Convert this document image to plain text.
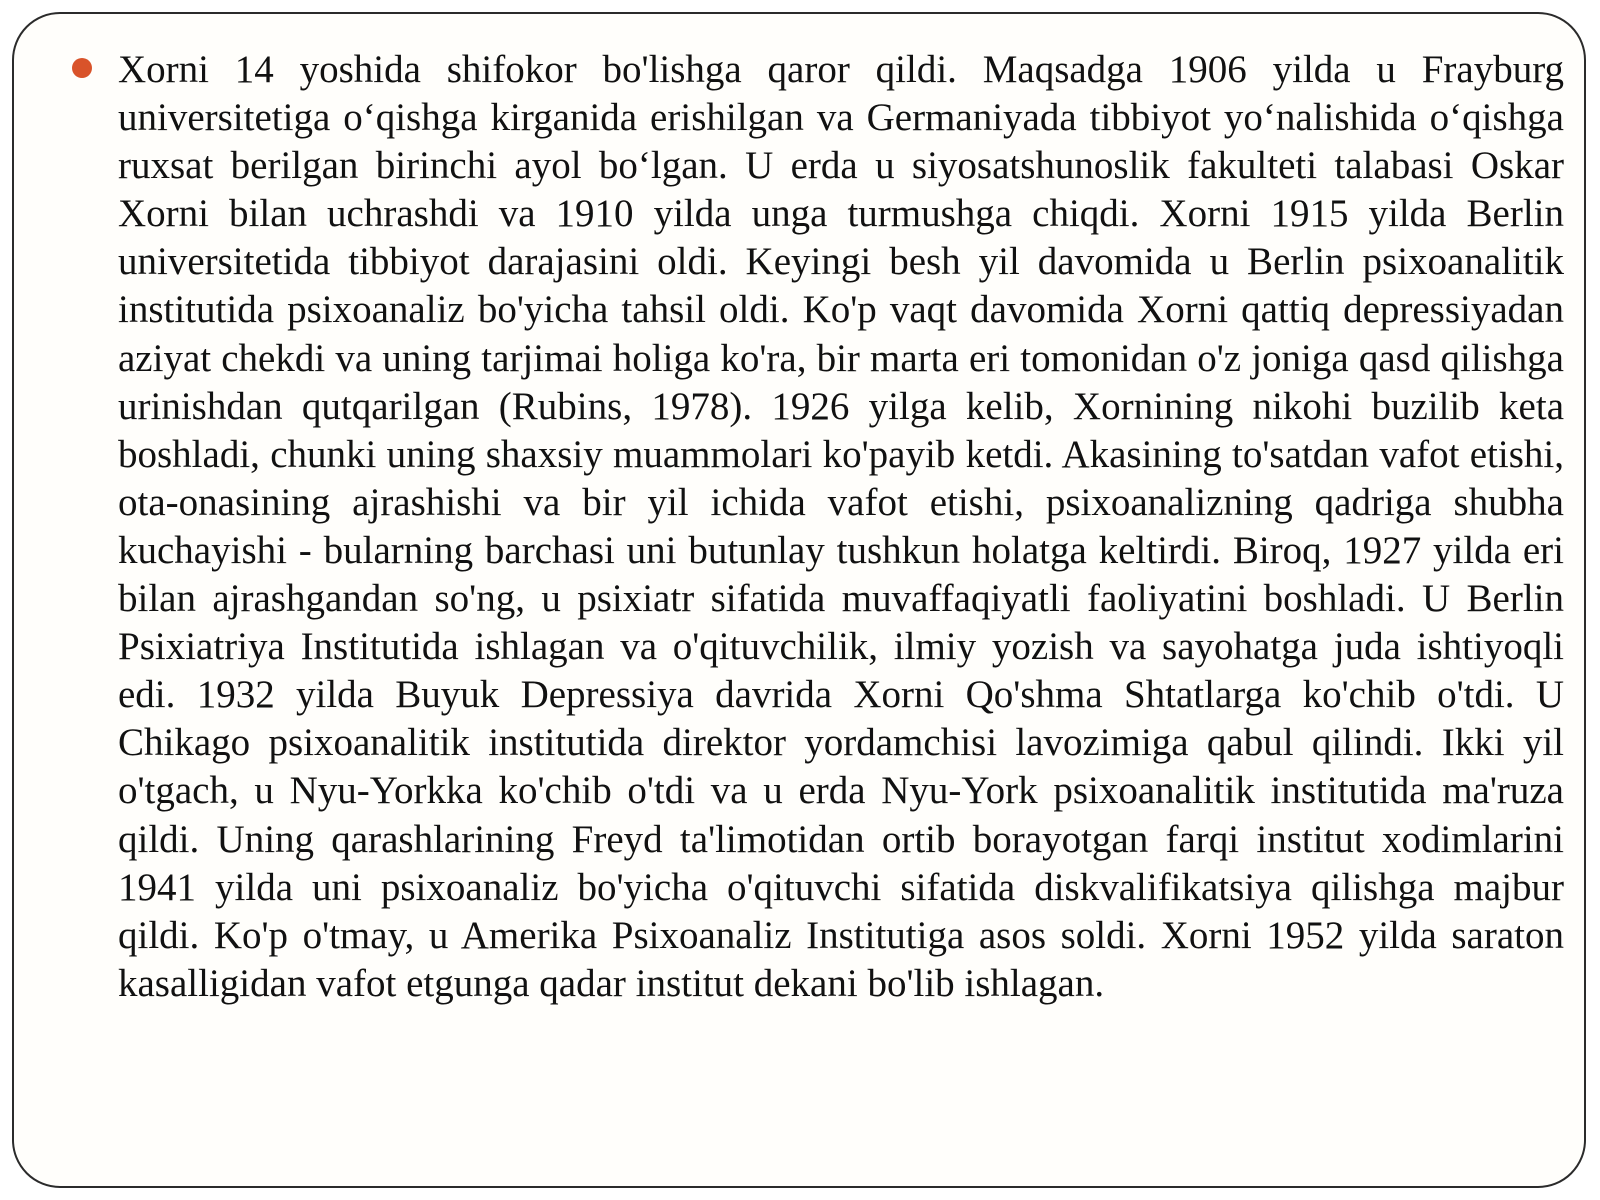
Xorni 14 yoshida shifokor bo'lishga qaror qildi. Maqsadga 1906 yilda u Frayburg universitetiga o‘qishga kirganida erishilgan va Germaniyada tibbiyot yo‘nalishida o‘qishga ruxsat berilgan birinchi ayol bo‘lgan. U erda u siyosatshunoslik fakulteti talabasi Oskar Xorni bilan uchrashdi va 1910 yilda unga turmushga chiqdi. Xorni 1915 yilda Berlin universitetida tibbiyot darajasini oldi. Keyingi besh yil davomida u Berlin psixoanalitik institutida psixoanaliz bo'yicha tahsil oldi. Ko'p vaqt davomida Xorni qattiq depressiyadan aziyat chekdi va uning tarjimai holiga ko'ra, bir marta eri tomonidan o'z joniga qasd qilishga urinishdan qutqarilgan (Rubins, 1978). 1926 yilga kelib, Xornining nikohi buzilib keta boshladi, chunki uning shaxsiy muammolari ko'payib ketdi. Akasining to'satdan vafot etishi, ota-onasining ajrashishi va bir yil ichida vafot etishi, psixoanalizning qadriga shubha kuchayishi - bularning barchasi uni butunlay tushkun holatga keltirdi. Biroq, 1927 yilda eri bilan ajrashgandan so'ng, u psixiatr sifatida muvaffaqiyatli faoliyatini boshladi. U Berlin Psixiatriya Institutida ishlagan va o'qituvchilik, ilmiy yozish va sayohatga juda ishtiyoqli edi. 1932 yilda Buyuk Depressiya davrida Xorni Qo'shma Shtatlarga ko'chib o'tdi. U Chikago psixoanalitik institutida direktor yordamchisi lavozimiga qabul qilindi. Ikki yil o'tgach, u Nyu-Yorkka ko'chib o'tdi va u erda Nyu-York psixoanalitik institutida ma'ruza qildi. Uning qarashlarining Freyd ta'limotidan ortib borayotgan farqi institut xodimlarini 1941 yilda uni psixoanaliz bo'yicha o'qituvchi sifatida diskvalifikatsiya qilishga majbur qildi. Ko'p o'tmay, u Amerika Psixoanaliz Institutiga asos soldi. Xorni 1952 yilda saraton kasalligidan vafot etgunga qadar institut dekani bo'lib ishlagan.
